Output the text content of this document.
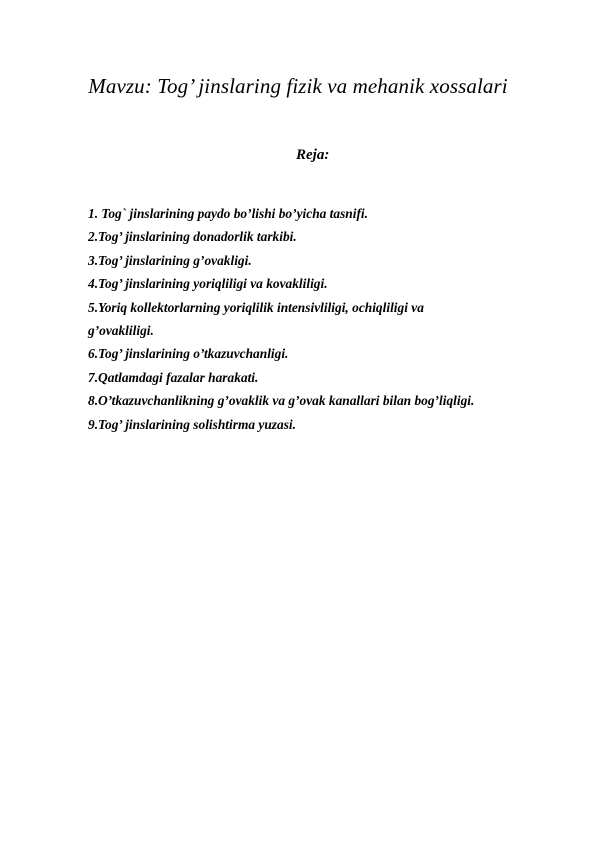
Mavzu: Tog’ jinslaring fizik va mehanik xossalari
Reja:
1. Tog` jinslarining paydo bo’lishi bo’yicha tasnifi.
2.Tog’ jinslarining donadorlik tarkibi.
3.Tog’ jinslarining g’ovakligi.
4.Tog’ jinslarining yoriqliligi va kovakliligi.
5.Yoriq kollektorlarning yoriqlilik intensivliligi, ochiqliligi va
g’ovakliligi.
6.Tog’ jinslarining o’tkazuvchanligi.
7.Qatlamdagi fazalar harakati.
8.O’tkazuvchanlikning g’ovaklik va g’ovak kanallari bilan bog’liqligi.
9.Tog’ jinslarining solishtirma yuzasi.
